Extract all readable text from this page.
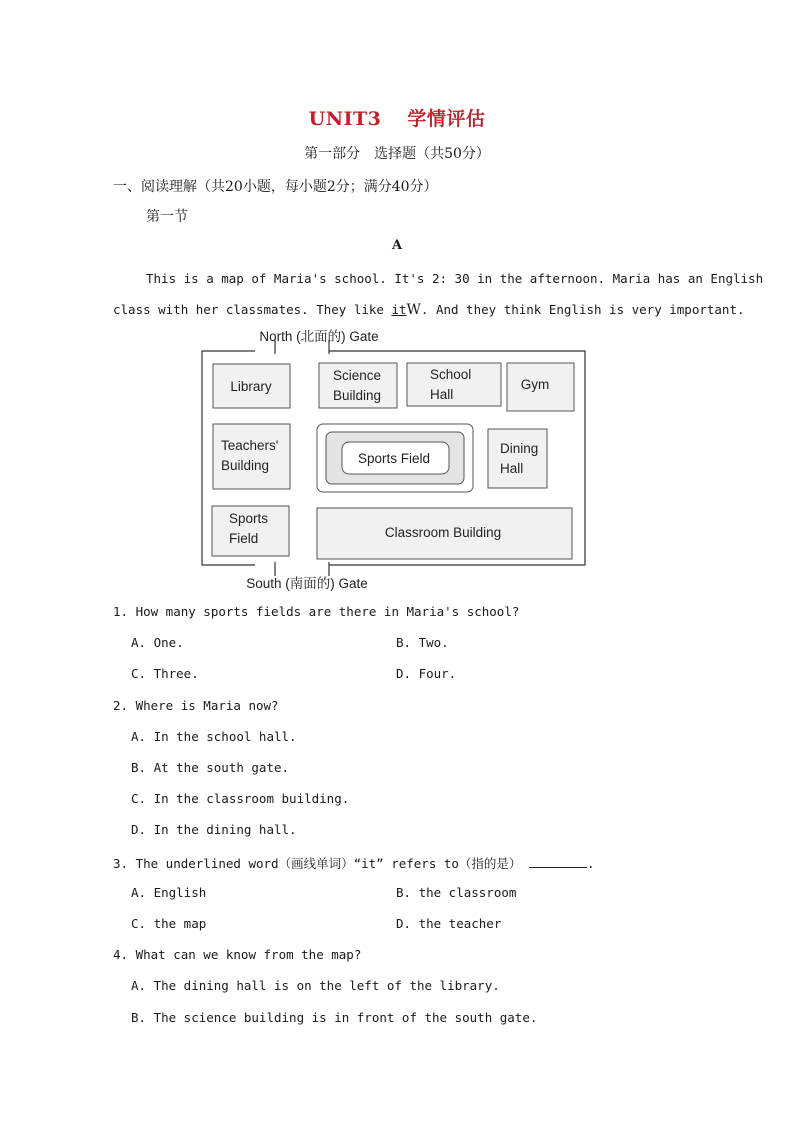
UNIT3 学情评估
第一部分　选择题（共50分）
一、阅读理解（共20小题，每小题2分；满分40分）
第一节
A
This is a map of Maria's school. It's 2: 30 in the afternoon. Maria has an English
class with her classmates. They like itW. And they think English is very important.
North (北面的) Gate
South (南面的) Gate
Library
Science
Building
School
Hall
Gym
Teachers'
Building	Sports Field
Dining
Hall
Sports
Field	Classroom Building
1. How many sports fields are there in Maria's school?
A. One.	B. Two.
C. Three.	D. Four.
2. Where is Maria now?
A. In the school hall.
B. At the south gate.
C. In the classroom building.
D. In the dining hall.
3. The underlined word（画线单词）“it” refers to（指的是）	.
A. English	B. the classroom
C. the map	D. the teacher
4. What can we know from the map?
A. The dining hall is on the left of the library.
B. The science building is in front of the south gate.
